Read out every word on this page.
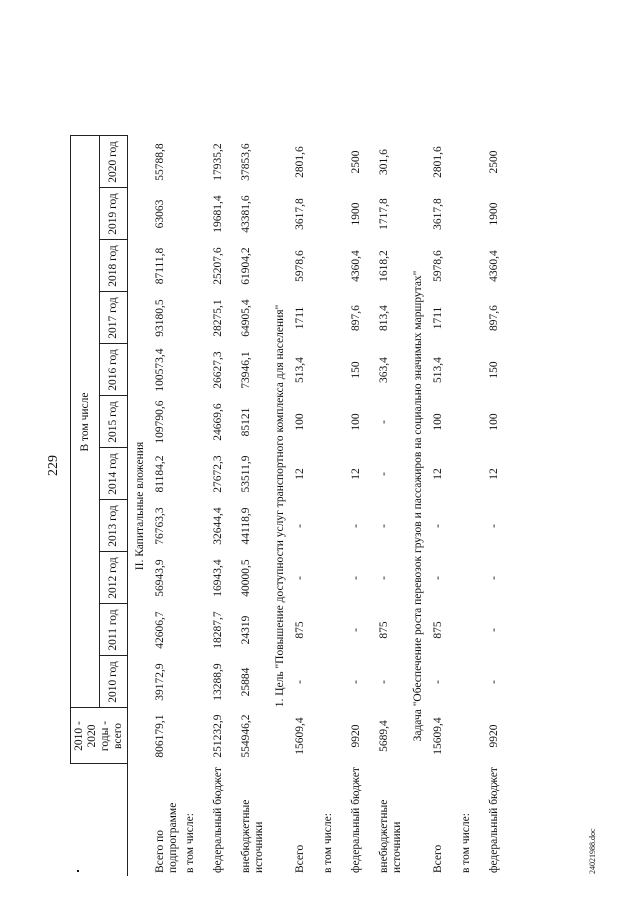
229
	2010 - 2020 годы - всего	В том числе										
		2010 год	2011 год	2012 год	2013 год	2014 год	2015 год	2016 год	2017 год	2018 год	2019 год	2020 год
II. Капитальные вложения												
Всего по подпрограмме	806179,1	39172,9	42606,7	56943,9	76763,3	81184,2	109790,6	100573,4	93180,5	87111,8	63063	55788,8
в том числе:												
федеральный бюджет	251232,9	13288,9	18287,7	16943,4	32644,4	27672,3	24669,6	26627,3	28275,1	25207,6	19681,4	17935,2
внебюджетные источники	554946,2	25884	24319	40000,5	44118,9	53511,9	85121	73946,1	64905,4	61904,2	43381,6	37853,6
1. Цель "Повышение доступности услуг транспортного комплекса для населения"												
Всего	15609,4	-	875	-	-	12	100	513,4	1711	5978,6	3617,8	2801,6
в том числе:												
федеральный бюджет	9920	-	-	-	-	12	100	150	897,6	4360,4	1900	2500
внебюджетные источники	5689,4	-	875	-	-	-	-	363,4	813,4	1618,2	1717,8	301,6
Задача "Обеспечение роста перевозок грузов и пассажиров на социально значимых маршрутах"												
Всего	15609,4	-	875	-	-	12	100	513,4	1711	5978,6	3617,8	2801,6
в том числе:												
федеральный бюджет	9920	-	-	-	-	12	100	150	897,6	4360,4	1900	2500
24021988.doc
